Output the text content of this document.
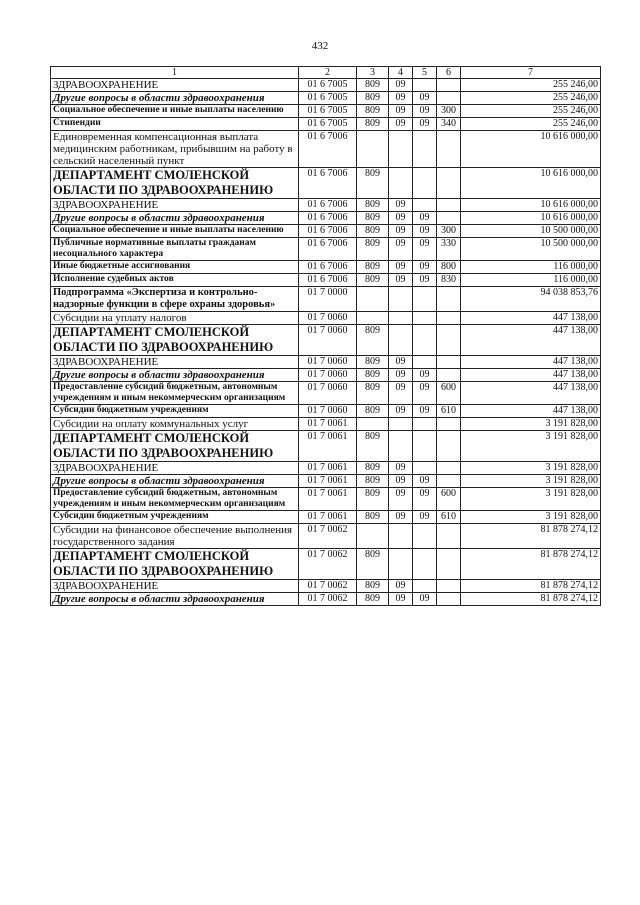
432
1	2	3	4	5	6	7
ЗДРАВООХРАНЕНИЕ	01 6 7005	809	09			255 246,00
Другие вопросы в области здравоохранения	01 6 7005	809	09	09		255 246,00
Социальное обеспечение и иные выплаты населению	01 6 7005	809	09	09	300	255 246,00
Стипендии	01 6 7005	809	09	09	340	255 246,00
Единовременная компенсационная выплата медицинским работникам, прибывшим на работу в сельский населенный пункт	01 6 7006					10 616 000,00
ДЕПАРТАМЕНТ СМОЛЕНСКОЙ ОБЛАСТИ ПО ЗДРАВООХРАНЕНИЮ	01 6 7006	809				10 616 000,00
ЗДРАВООХРАНЕНИЕ	01 6 7006	809	09			10 616 000,00
Другие вопросы в области здравоохранения	01 6 7006	809	09	09		10 616 000,00
Социальное обеспечение и иные выплаты населению	01 6 7006	809	09	09	300	10 500 000,00
Публичные нормативные выплаты гражданам несоциального характера	01 6 7006	809	09	09	330	10 500 000,00
Иные бюджетные ассигнования	01 6 7006	809	09	09	800	116 000,00
Исполнение судебных актов	01 6 7006	809	09	09	830	116 000,00
Подпрограмма «Экспертиза и контрольно-надзорные функции в сфере охраны здоровья»	01 7 0000					94 038 853,76
Субсидии на уплату налогов	01 7 0060					447 138,00
ДЕПАРТАМЕНТ СМОЛЕНСКОЙ ОБЛАСТИ ПО ЗДРАВООХРАНЕНИЮ	01 7 0060	809				447 138,00
ЗДРАВООХРАНЕНИЕ	01 7 0060	809	09			447 138,00
Другие вопросы в области здравоохранения	01 7 0060	809	09	09		447 138,00
Предоставление субсидий бюджетным, автономным учреждениям и иным некоммерческим организациям	01 7 0060	809	09	09	600	447 138,00
Субсидии бюджетным учреждениям	01 7 0060	809	09	09	610	447 138,00
Субсидии на оплату коммунальных услуг	01 7 0061					3 191 828,00
ДЕПАРТАМЕНТ СМОЛЕНСКОЙ ОБЛАСТИ ПО ЗДРАВООХРАНЕНИЮ	01 7 0061	809				3 191 828,00
ЗДРАВООХРАНЕНИЕ	01 7 0061	809	09			3 191 828,00
Другие вопросы в области здравоохранения	01 7 0061	809	09	09		3 191 828,00
Предоставление субсидий бюджетным, автономным учреждениям и иным некоммерческим организациям	01 7 0061	809	09	09	600	3 191 828,00
Субсидии бюджетным учреждениям	01 7 0061	809	09	09	610	3 191 828,00
Субсидии на финансовое обеспечение выполнения государственного задания	01 7 0062					81 878 274,12
ДЕПАРТАМЕНТ СМОЛЕНСКОЙ ОБЛАСТИ ПО ЗДРАВООХРАНЕНИЮ	01 7 0062	809				81 878 274,12
ЗДРАВООХРАНЕНИЕ	01 7 0062	809	09			81 878 274,12
Другие вопросы в области здравоохранения	01 7 0062	809	09	09		81 878 274,12
